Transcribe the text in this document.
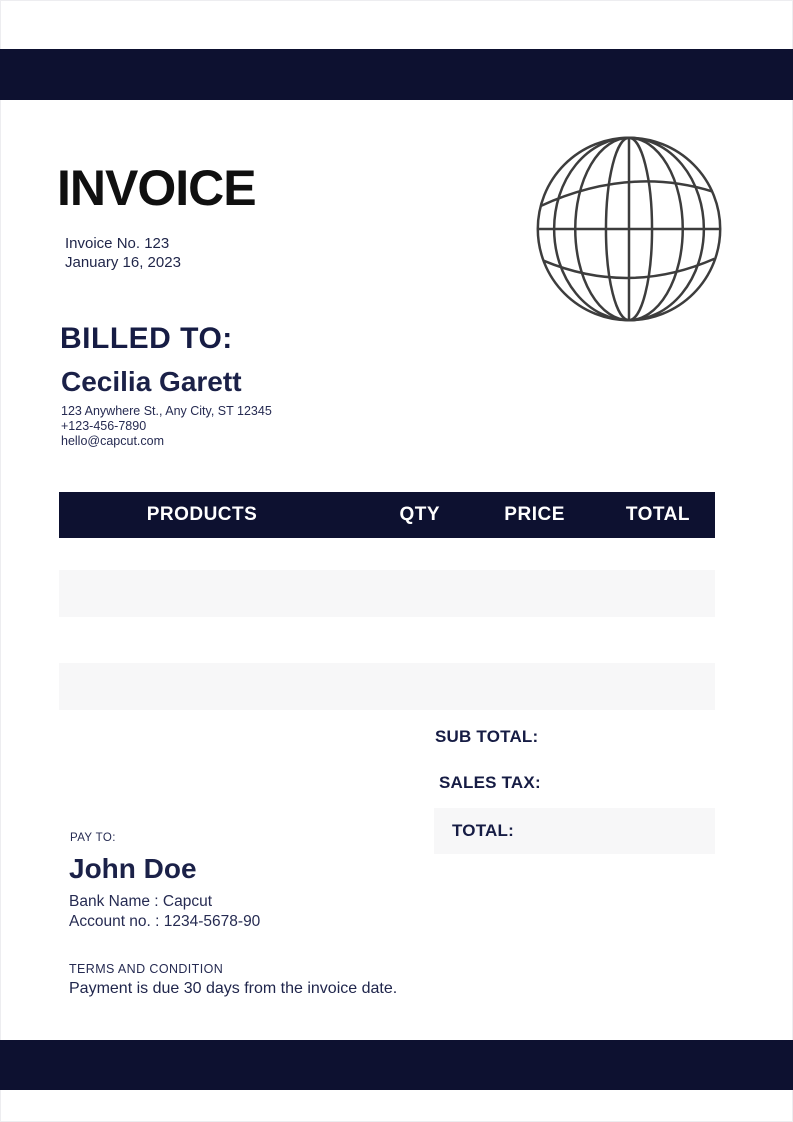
INVOICE
Invoice No. 123
January 16, 2023
BILLED TO:
Cecilia Garett
123 Anywhere St., Any City, ST 12345
+123-456-7890
hello@capcut.com
PRODUCTS	QTY	PRICE	TOTAL
SUB TOTAL:
SALES TAX:
TOTAL:
PAY TO:
John Doe
Bank Name : Capcut
Account no. : 1234-5678-90
TERMS AND CONDITION
Payment is due 30 days from the invoice date.
